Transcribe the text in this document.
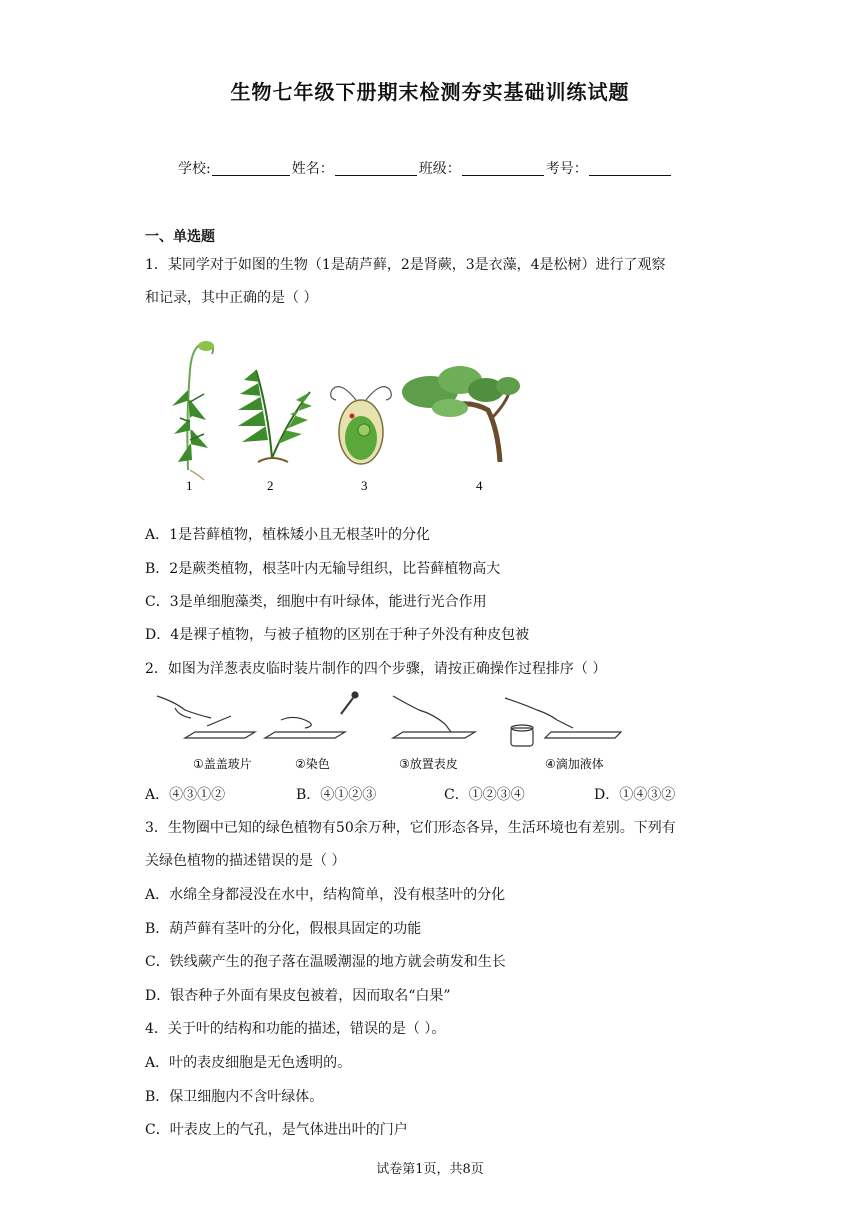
生物七年级下册期末检测夯实基础训练试题
学校:	姓名：	班级：	考号：
一、单选题
1．某同学对于如图的生物（1是葫芦藓，2是肾蕨，3是衣藻，4是松树）进行了观察
和记录，其中正确的是（ ）
1	2	3	4
A．1是苔藓植物，植株矮小且无根茎叶的分化
B．2是蕨类植物，根茎叶内无输导组织，比苔藓植物高大
C．3是单细胞藻类，细胞中有叶绿体，能进行光合作用
D．4是裸子植物，与被子植物的区别在于种子外没有种皮包被
2．如图为洋葱表皮临时装片制作的四个步骤，请按正确操作过程排序（ ）
①盖盖玻片	②染色	③放置表皮	④滴加液体
A．④③①②	B．④①②③	C．①②③④	D．①④③②
3．生物圈中已知的绿色植物有50余万种，它们形态各异，生活环境也有差别。下列有
关绿色植物的描述错误的是（ ）
A．水绵全身都浸没在水中，结构简单，没有根茎叶的分化
B．葫芦藓有茎叶的分化，假根具固定的功能
C．铁线蕨产生的孢子落在温暖潮湿的地方就会萌发和生长
D．银杏种子外面有果皮包被着，因而取名“白果”
4．关于叶的结构和功能的描述，错误的是（ ）。
A．叶的表皮细胞是无色透明的。
B．保卫细胞内不含叶绿体。
C．叶表皮上的气孔，是气体进出叶的门户
试卷第1页，共8页
